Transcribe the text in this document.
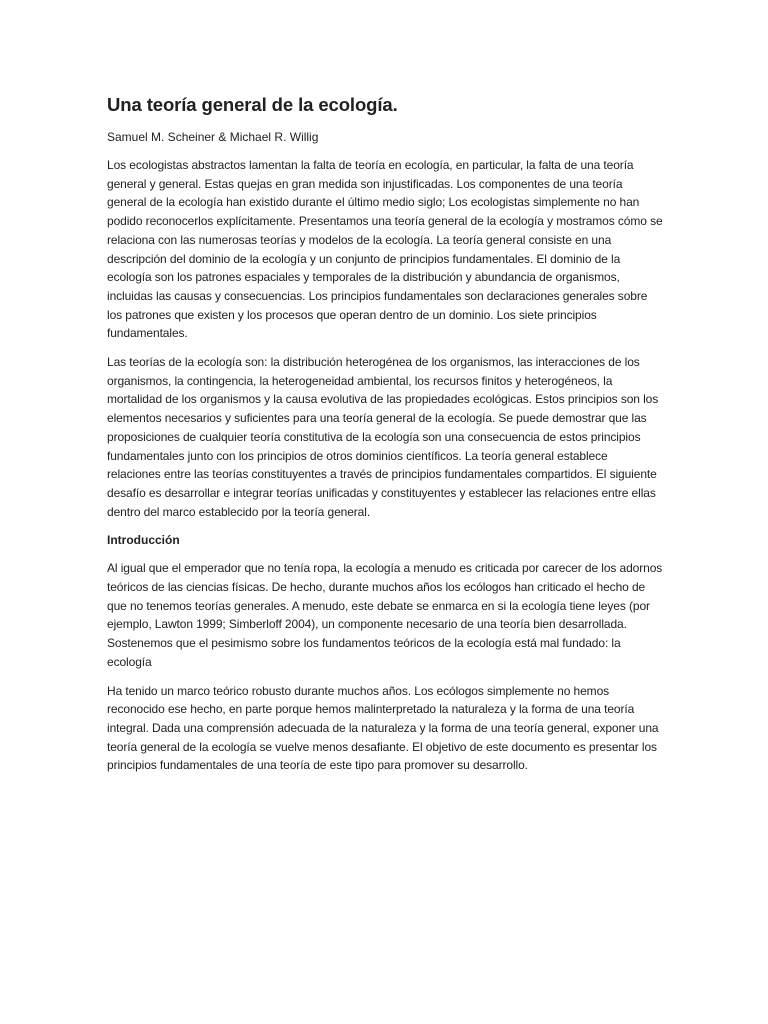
Una teoría general de la ecología.

Samuel M. Scheiner & Michael R. Willig

Los ecologistas abstractos lamentan la falta de teoría en ecología, en particular, la falta de una teoría general y general. Estas quejas en gran medida son injustificadas. Los componentes de una teoría general de la ecología han existido durante el último medio siglo; Los ecologistas simplemente no han podido reconocerlos explícitamente. Presentamos una teoría general de la ecología y mostramos cómo se relaciona con las numerosas teorías y modelos de la ecología. La teoría general consiste en una descripción del dominio de la ecología y un conjunto de principios fundamentales. El dominio de la ecología son los patrones espaciales y temporales de la distribución y abundancia de organismos, incluidas las causas y consecuencias. Los principios fundamentales son declaraciones generales sobre los patrones que existen y los procesos que operan dentro de un dominio. Los siete principios fundamentales.

Las teorías de la ecología son: la distribución heterogénea de los organismos, las interacciones de los organismos, la contingencia, la heterogeneidad ambiental, los recursos finitos y heterogéneos, la mortalidad de los organismos y la causa evolutiva de las propiedades ecológicas. Estos principios son los elementos necesarios y suficientes para una teoría general de la ecología. Se puede demostrar que las proposiciones de cualquier teoría constitutiva de la ecología son una consecuencia de estos principios fundamentales junto con los principios de otros dominios científicos. La teoría general establece relaciones entre las teorías constituyentes a través de principios fundamentales compartidos. El siguiente desafío es desarrollar e integrar teorías unificadas y constituyentes y establecer las relaciones entre ellas dentro del marco establecido por la teoría general.

Introducción

Al igual que el emperador que no tenía ropa, la ecología a menudo es criticada por carecer de los adornos teóricos de las ciencias físicas. De hecho, durante muchos años los ecólogos han criticado el hecho de que no tenemos teorías generales. A menudo, este debate se enmarca en si la ecología tiene leyes (por ejemplo, Lawton 1999; Simberloff 2004), un componente necesario de una teoría bien desarrollada. Sostenemos que el pesimismo sobre los fundamentos teóricos de la ecología está mal fundado: la ecología

Ha tenido un marco teórico robusto durante muchos años. Los ecólogos simplemente no hemos reconocido ese hecho, en parte porque hemos malinterpretado la naturaleza y la forma de una teoría integral. Dada una comprensión adecuada de la naturaleza y la forma de una teoría general, exponer una teoría general de la ecología se vuelve menos desafiante. El objetivo de este documento es presentar los principios fundamentales de una teoría de este tipo para promover su desarrollo.
